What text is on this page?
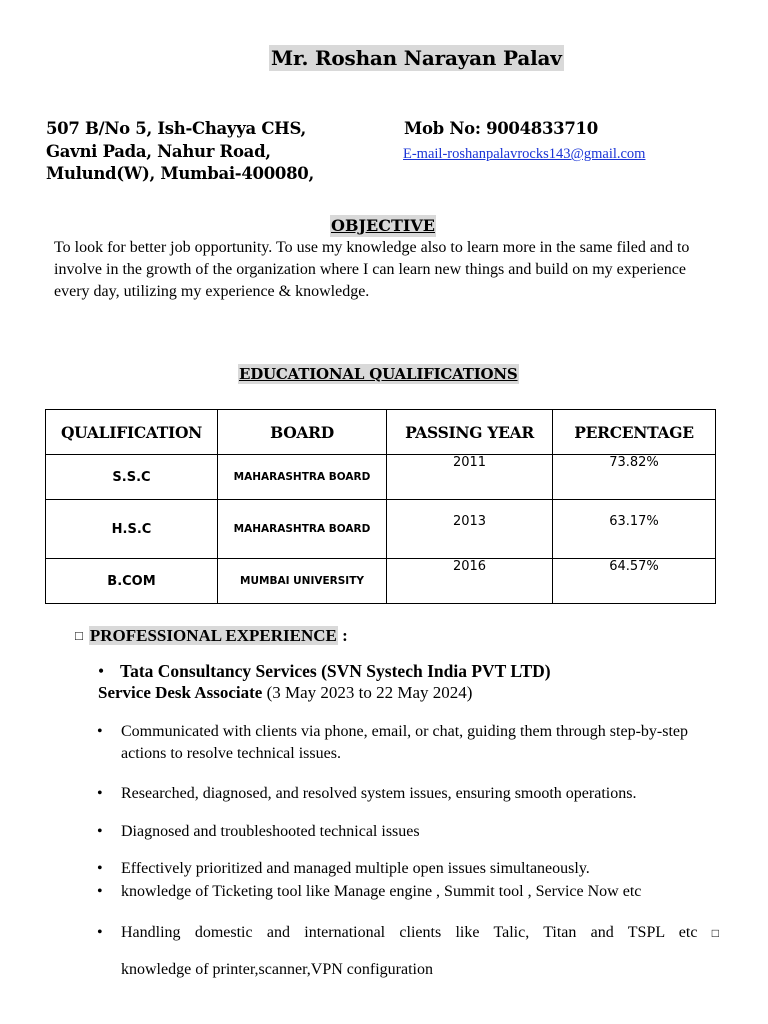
Mr. Roshan Narayan Palav
507 B/No 5, Ish-Chayya CHS,
Gavni Pada, Nahur Road,
Mulund(W), Mumbai-400080,
Mob No: 9004833710
E-mail-roshanpalavrocks143@gmail.com
OBJECTIVE
To look for better job opportunity. To use my knowledge also to learn more in the same filed and to involve in the growth of the organization where I can learn new things and build on my experience every day, utilizing my experience & knowledge.
EDUCATIONAL QUALIFICATIONS
QUALIFICATION	BOARD	PASSING YEAR	PERCENTAGE
S.S.C	MAHARASHTRA BOARD	2011	73.82%
H.S.C	MAHARASHTRA BOARD	2013	63.17%
B.COM	MUMBAI UNIVERSITY	2016	64.57%
□ PROFESSIONAL EXPERIENCE :
• Tata Consultancy Services (SVN Systech India PVT LTD)
Service Desk Associate (3 May 2023 to 22 May 2024)
• Communicated with clients via phone, email, or chat, guiding them through step-by-step actions to resolve technical issues.
• Researched, diagnosed, and resolved system issues, ensuring smooth operations.
• Diagnosed and troubleshooted technical issues
• Effectively prioritized and managed multiple open issues simultaneously.
• knowledge of Ticketing tool like Manage engine , Summit tool , Service Now etc
• Handling domestic and international clients like Talic, Titan and TSPL etc □
knowledge of printer,scanner,VPN configuration
